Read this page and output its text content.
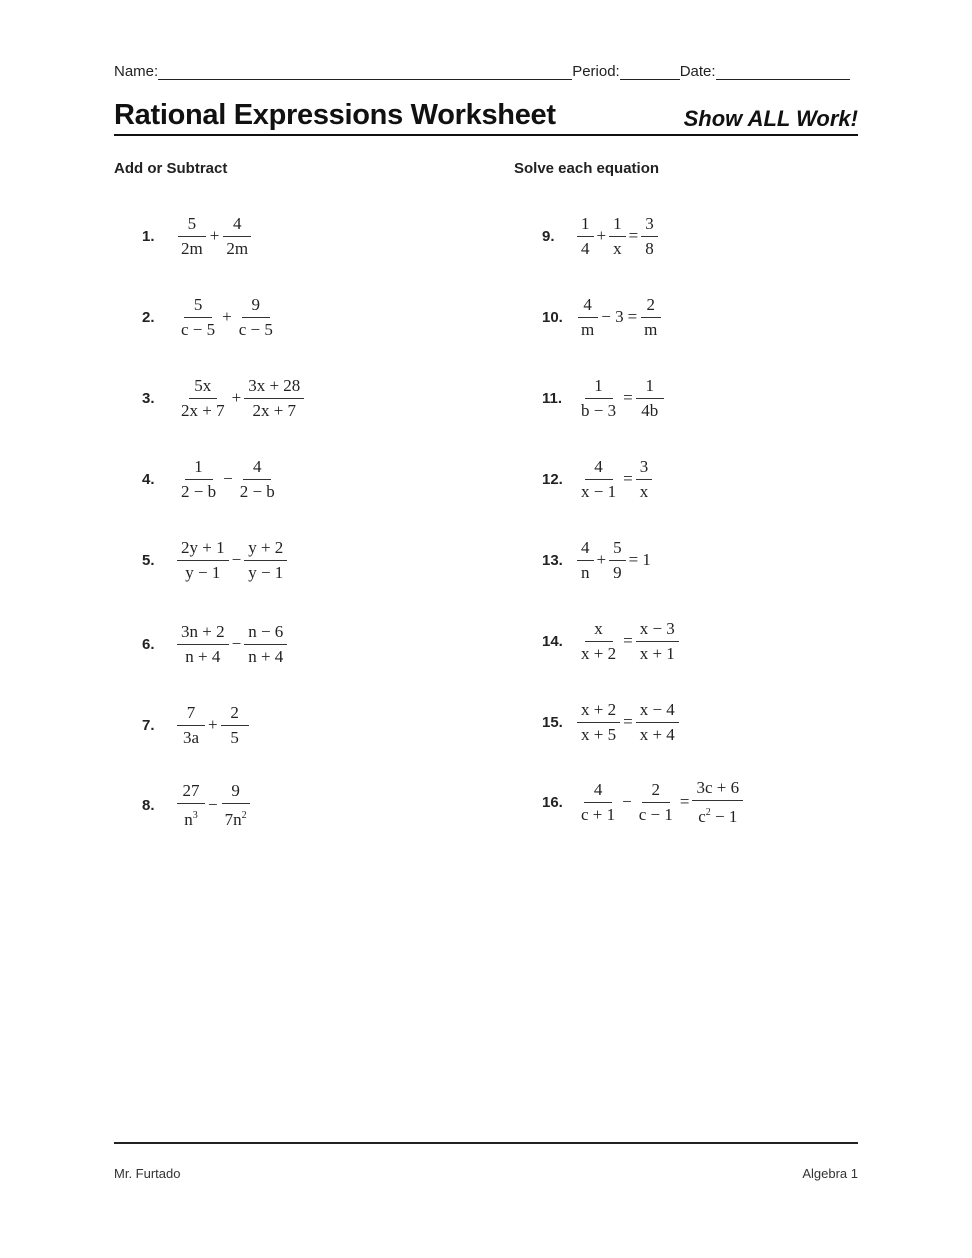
Name:	Period:	Date:
Rational Expressions Worksheet	Show ALL Work!
Add or Subtract	Solve each equation
1.	$\frac{5}{2m} + \frac{4}{2m}$
2.	$\frac{5}{c - 5} + \frac{9}{c - 5}$
3.	$\frac{5x}{2x + 7} + \frac{3x + 28}{2x + 7}$
4.	$\frac{1}{2 - b} - \frac{4}{2 - b}$
5.	$\frac{2y + 1}{y - 1} - \frac{y + 2}{y - 1}$
6.	$\frac{3n + 2}{n + 4} - \frac{n - 6}{n + 4}$
7.	$\frac{7}{3a} + \frac{2}{5}$
8.	$\frac{27}{n^3} - \frac{9}{7n^2}$
9.	$\frac{1}{4} + \frac{1}{x} = \frac{3}{8}$
10. $\frac{4}{m} - 3 = \frac{2}{m}$
11. $\frac{1}{b - 3} = \frac{1}{4b}$
12. $\frac{4}{x - 1} = \frac{3}{x}$
13. $\frac{4}{n} + \frac{5}{9} = 1$
14. $\frac{x}{x + 2} = \frac{x - 3}{x + 1}$
15. $\frac{x + 2}{x + 5} = \frac{x - 4}{x + 4}$
16. $\frac{4}{c + 1} - \frac{2}{c - 1} = \frac{3c + 6}{c^2 - 1}$
Mr. Furtado	Algebra 1
